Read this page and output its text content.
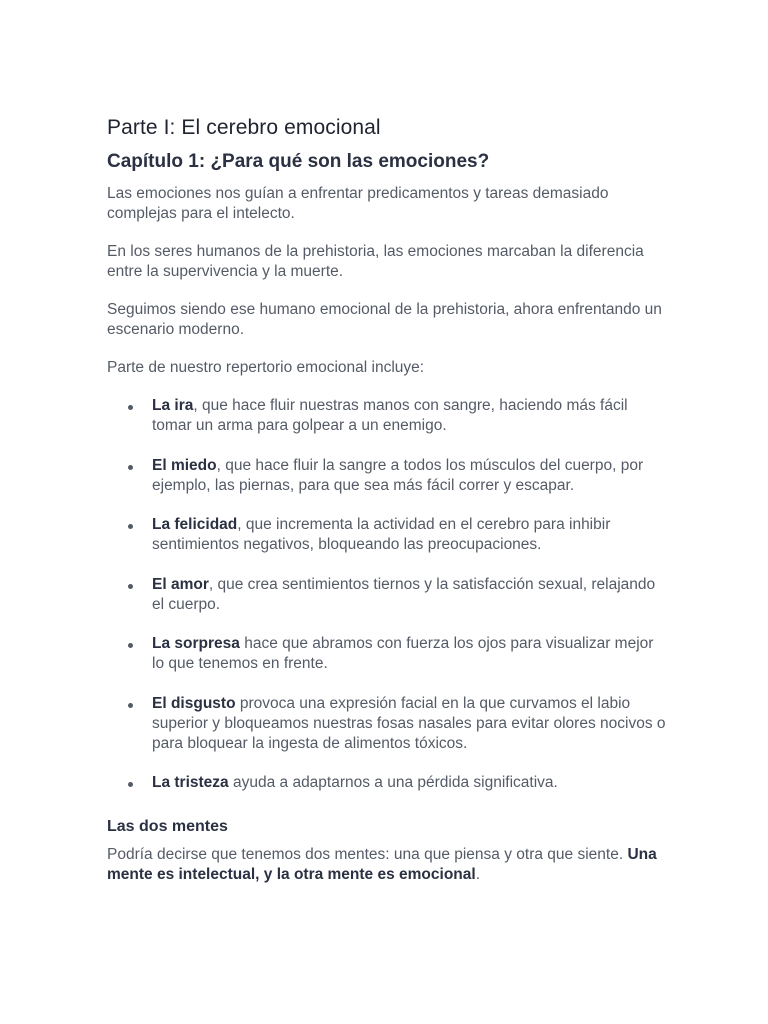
Parte I: El cerebro emocional
Capítulo 1: ¿Para qué son las emociones?

Las emociones nos guían a enfrentar predicamentos y tareas demasiado complejas para el intelecto.

En los seres humanos de la prehistoria, las emociones marcaban la diferencia entre la supervivencia y la muerte.

Seguimos siendo ese humano emocional de la prehistoria, ahora enfrentando un escenario moderno.

Parte de nuestro repertorio emocional incluye:

La ira, que hace fluir nuestras manos con sangre, haciendo más fácil tomar un arma para golpear a un enemigo.
El miedo, que hace fluir la sangre a todos los músculos del cuerpo, por ejemplo, las piernas, para que sea más fácil correr y escapar.
La felicidad, que incrementa la actividad en el cerebro para inhibir sentimientos negativos, bloqueando las preocupaciones.
El amor, que crea sentimientos tiernos y la satisfacción sexual, relajando el cuerpo.
La sorpresa hace que abramos con fuerza los ojos para visualizar mejor lo que tenemos en frente.
El disgusto provoca una expresión facial en la que curvamos el labio superior y bloqueamos nuestras fosas nasales para evitar olores nocivos o para bloquear la ingesta de alimentos tóxicos.
La tristeza ayuda a adaptarnos a una pérdida significativa.
Las dos mentes

Podría decirse que tenemos dos mentes: una que piensa y otra que siente. Una mente es intelectual, y la otra mente es emocional.
